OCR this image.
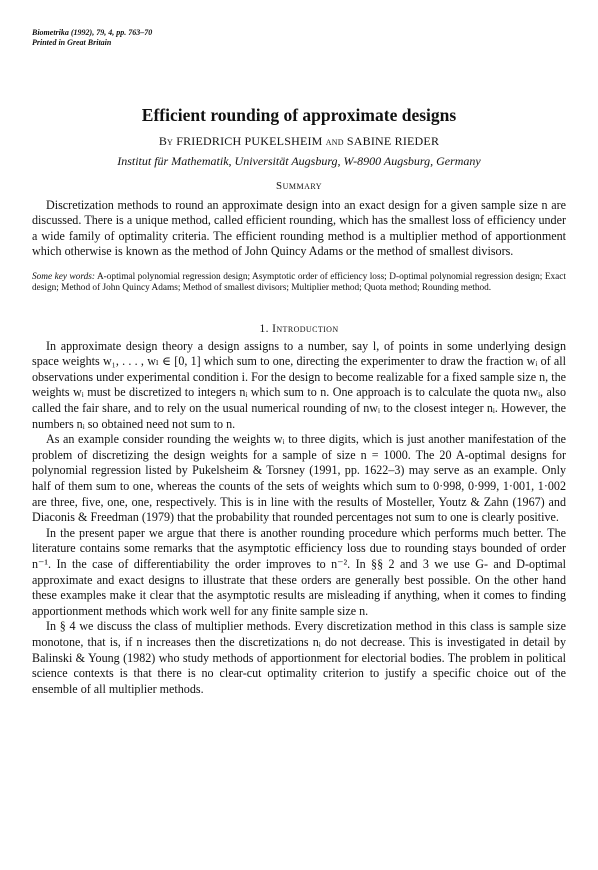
Biometrika (1992), 79, 4, pp. 763–70
Printed in Great Britain
Efficient rounding of approximate designs
By FRIEDRICH PUKELSHEIM and SABINE RIEDER
Institut für Mathematik, Universität Augsburg, W-8900 Augsburg, Germany
Summary
Discretization methods to round an approximate design into an exact design for a given sample size n are discussed. There is a unique method, called efficient rounding, which has the smallest loss of efficiency under a wide family of optimality criteria. The efficient rounding method is a multiplier method of apportionment which otherwise is known as the method of John Quincy Adams or the method of smallest divisors.
Some key words: A-optimal polynomial regression design; Asymptotic order of efficiency loss; D-optimal polynomial regression design; Exact design; Method of John Quincy Adams; Method of smallest divisors; Multiplier method; Quota method; Rounding method.
1. Introduction

In approximate design theory a design assigns to a number, say l, of points in some underlying design space weights w₁, . . . , wₗ ∈ [0, 1] which sum to one, directing the experimenter to draw the fraction wᵢ of all observations under experimental condition i. For the design to become realizable for a fixed sample size n, the weights wᵢ must be discretized to integers nᵢ which sum to n. One approach is to calculate the quota nwᵢ, also called the fair share, and to rely on the usual numerical rounding of nwᵢ to the closest integer nᵢ. However, the numbers nᵢ so obtained need not sum to n.

As an example consider rounding the weights wᵢ to three digits, which is just another manifestation of the problem of discretizing the design weights for a sample of size n = 1000. The 20 A-optimal designs for polynomial regression listed by Pukelsheim & Torsney (1991, pp. 1622–3) may serve as an example. Only half of them sum to one, whereas the counts of the sets of weights which sum to 0·998, 0·999, 1·001, 1·002 are three, five, one, one, respectively. This is in line with the results of Mosteller, Youtz & Zahn (1967) and Diaconis & Freedman (1979) that the probability that rounded percentages not sum to one is clearly positive.

In the present paper we argue that there is another rounding procedure which performs much better. The literature contains some remarks that the asymptotic efficiency loss due to rounding stays bounded of order n⁻¹. In the case of differentiability the order improves to n⁻². In §§ 2 and 3 we use G- and D-optimal approximate and exact designs to illustrate that these orders are generally best possible. On the other hand these examples make it clear that the asymptotic results are misleading if anything, when it comes to finding apportionment methods which work well for any finite sample size n.

In § 4 we discuss the class of multiplier methods. Every discretization method in this class is sample size monotone, that is, if n increases then the discretizations nᵢ do not decrease. This is investigated in detail by Balinski & Young (1982) who study methods of apportionment for electorial bodies. The problem in political science contexts is that there is no clear-cut optimality criterion to justify a specific choice out of the ensemble of all multiplier methods.
